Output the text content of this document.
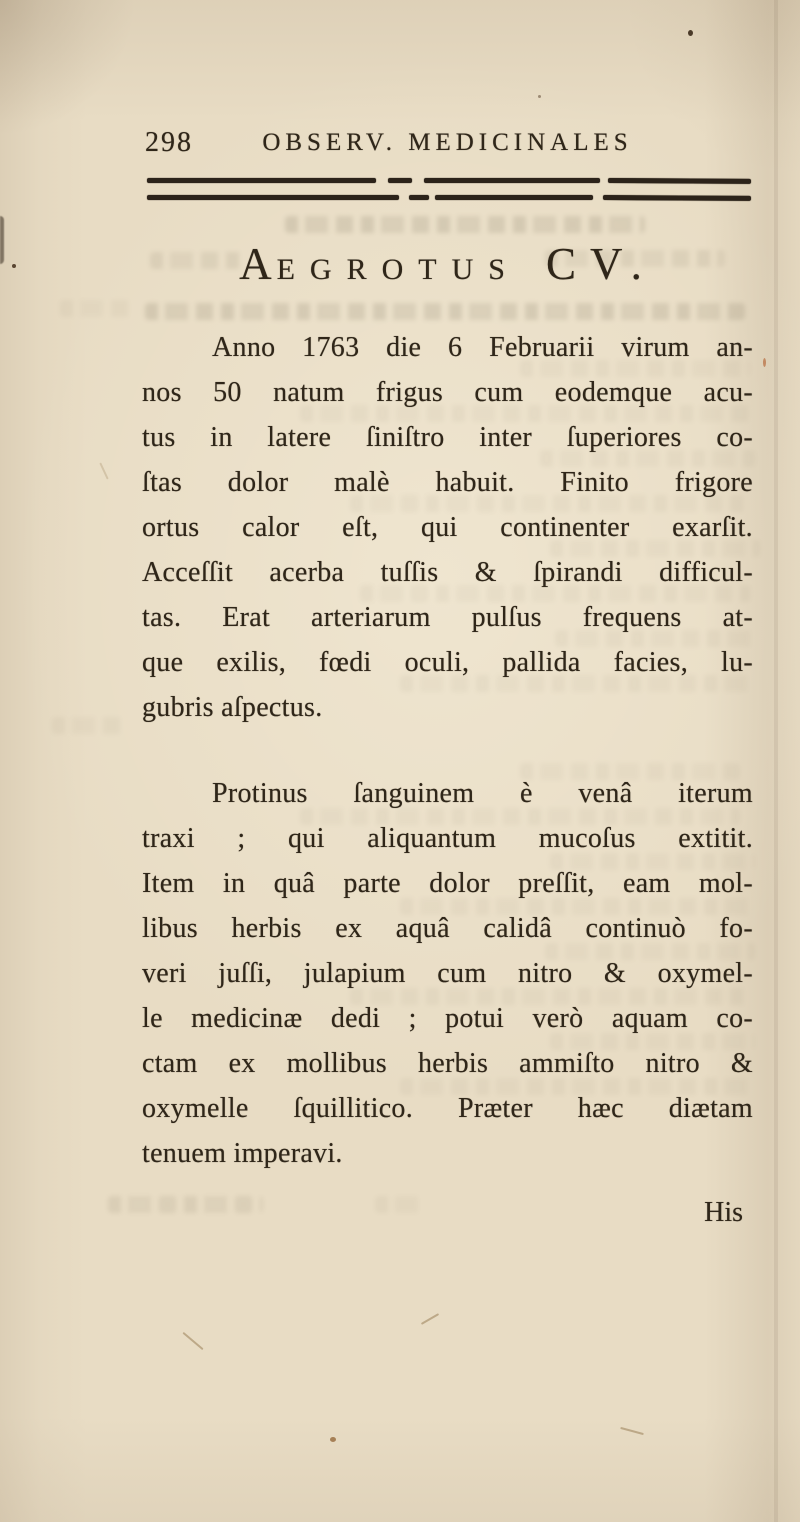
298	OBSERV. MEDICINALES
AEGROTUS CV.
Anno 1763 die 6 Februarii virum an-
nos 50 natum frigus cum eodemque acu-
tus in latere ſiniſtro inter ſuperiores co-
ſtas dolor malè habuit. Finito frigore
ortus calor eſt, qui continenter exarſit.
Acceſſit acerba tuſſis & ſpirandi difficul-
tas. Erat arteriarum pulſus frequens at-
que exilis, fœdi oculi, pallida facies, lu-
gubris aſpectus.
Protinus ſanguinem è venâ iterum
traxi ; qui aliquantum mucoſus extitit.
Item in quâ parte dolor preſſit, eam mol-
libus herbis ex aquâ calidâ continuò fo-
veri juſſi, julapium cum nitro & oxymel-
le medicinæ dedi ; potui verò aquam co-
ctam ex mollibus herbis ammiſto nitro &
oxymelle ſquillitico. Præter hæc diætam
tenuem imperavi.
His
